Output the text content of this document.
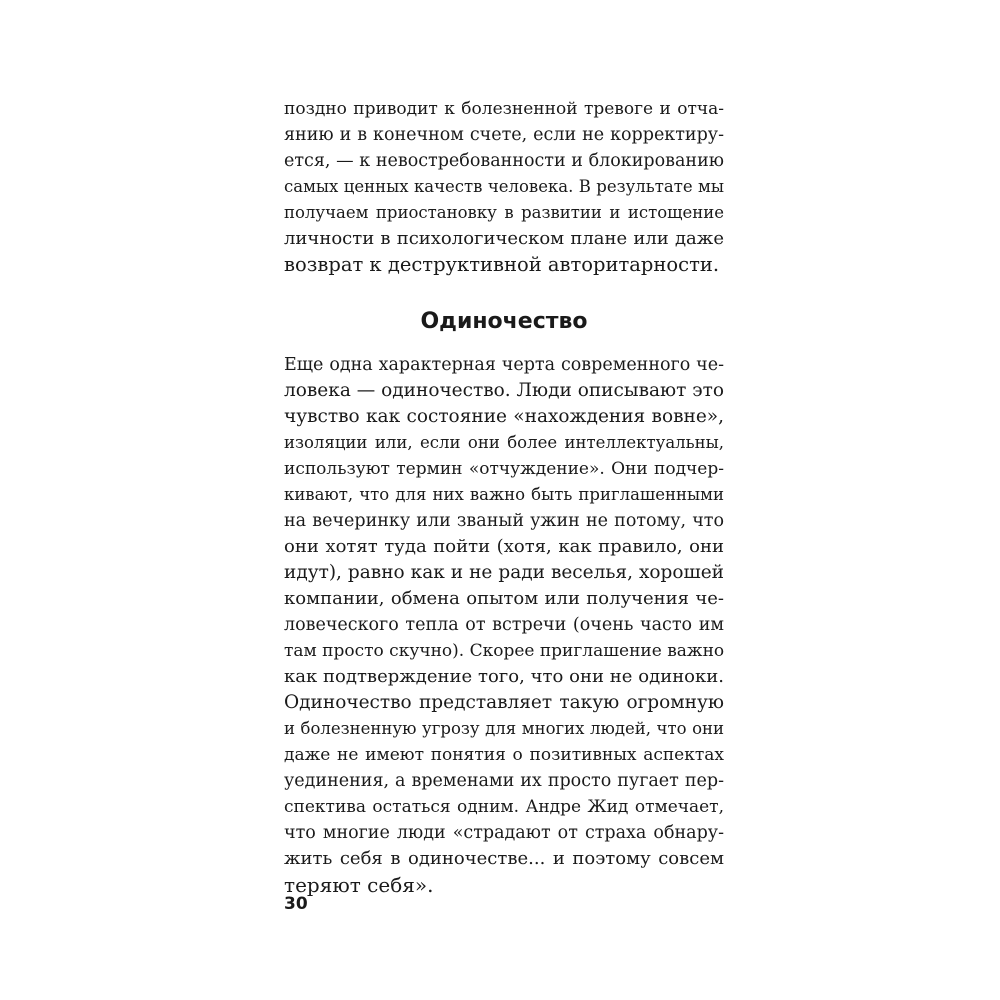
поздно приводит к болезненной тревоге и отча-
янию и в конечном счете, если не корректиру-
ется, — к невостребованности и блокированию
самых ценных качеств человека. В результате мы
получаем приостановку в развитии и истощение
личности в психологическом плане или даже
возврат к деструктивной авторитарности.
Одиночество
Еще одна характерная черта современного че-
ловека — одиночество. Люди описывают это
чувство как состояние «нахождения вовне»,
изоляции или, если они более интеллектуальны,
используют термин «отчуждение». Они подчер-
кивают, что для них важно быть приглашенными
на вечеринку или званый ужин не потому, что
они хотят туда пойти (хотя, как правило, они
идут), равно как и не ради веселья, хорошей
компании, обмена опытом или получения че-
ловеческого тепла от встречи (очень часто им
там просто скучно). Скорее приглашение важно
как подтверждение того, что они не одиноки.
Одиночество представляет такую огромную
и болезненную угрозу для многих людей, что они
даже не имеют понятия о позитивных аспектах
уединения, а временами их просто пугает пер-
спектива остаться одним. Андре Жид отмечает,
что многие люди «страдают от страха обнару-
жить себя в одиночестве... и поэтому совсем
теряют себя».
30
